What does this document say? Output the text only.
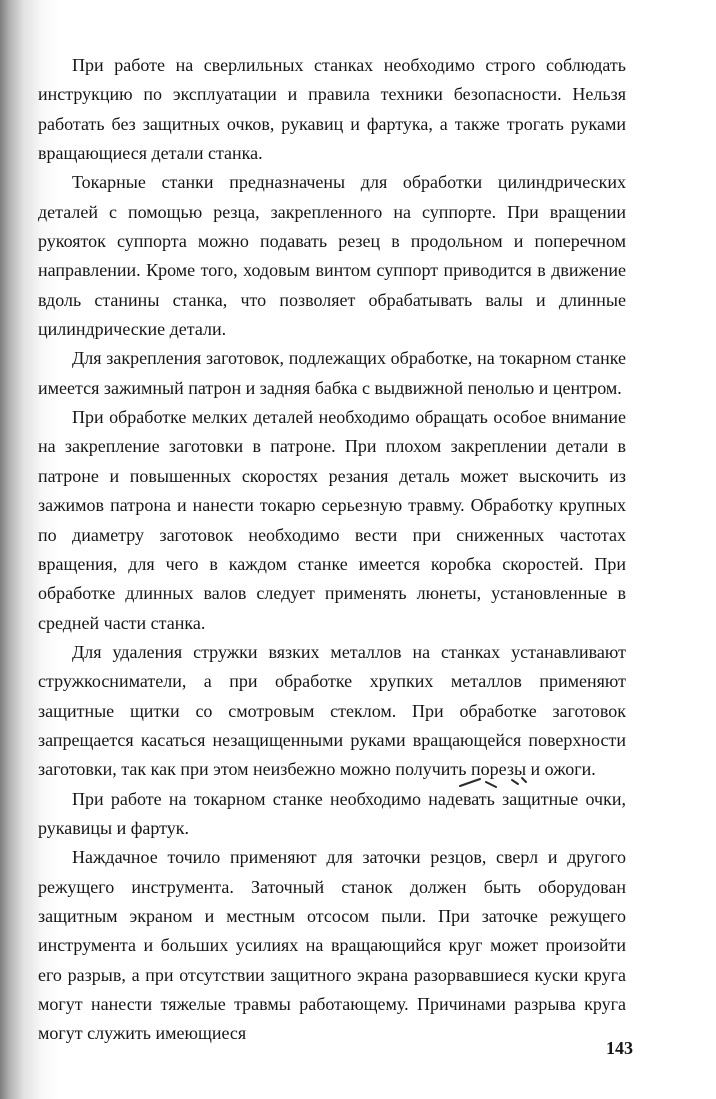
При работе на сверлильных станках необходимо строго соблюдать инструкцию по эксплуатации и правила техники безопасности. Нельзя работать без защитных очков, рукавиц и фартука, а также трогать руками вращающиеся детали станка.

Токарные станки предназначены для обработки цилиндрических деталей с помощью резца, закрепленного на суппорте. При вращении рукояток суппорта можно подавать резец в продольном и поперечном направлении. Кроме того, ходовым винтом суппорт приводится в движение вдоль станины станка, что позволяет обрабатывать валы и длинные цилиндрические детали.

Для закрепления заготовок, подлежащих обработке, на токарном станке имеется зажимный патрон и задняя бабка с выдвижной пенолью и центром.

При обработке мелких деталей необходимо обращать особое внимание на закрепление заготовки в патроне. При плохом закреплении детали в патроне и повышенных скоростях резания деталь может выскочить из зажимов патрона и нанести токарю серьезную травму. Обработку крупных по диаметру заготовок необходимо вести при сниженных частотах вращения, для чего в каждом станке имеется коробка скоростей. При обработке длинных валов следует применять люнеты, установленные в средней части станка.

Для удаления стружки вязких металлов на станках устанавливают стружкосниматели, а при обработке хрупких металлов применяют защитные щитки со смотровым стеклом. При обработке заготовок запрещается касаться незащищенными руками вращающейся поверхности заготовки, так как при этом неизбежно можно получить порезы и ожоги.

При работе на токарном станке необходимо надевать защитные очки, рукавицы и фартук.

Наждачное точило применяют для заточки резцов, сверл и другого режущего инструмента. Заточный станок должен быть оборудован защитным экраном и местным отсосом пыли. При заточке режущего инструмента и больших усилиях на вращающийся круг может произойти его разрыв, а при отсутствии защитного экрана разорвавшиеся куски круга могут нанести тяжелые травмы работающему. Причинами разрыва круга могут служить имеющиеся

143
